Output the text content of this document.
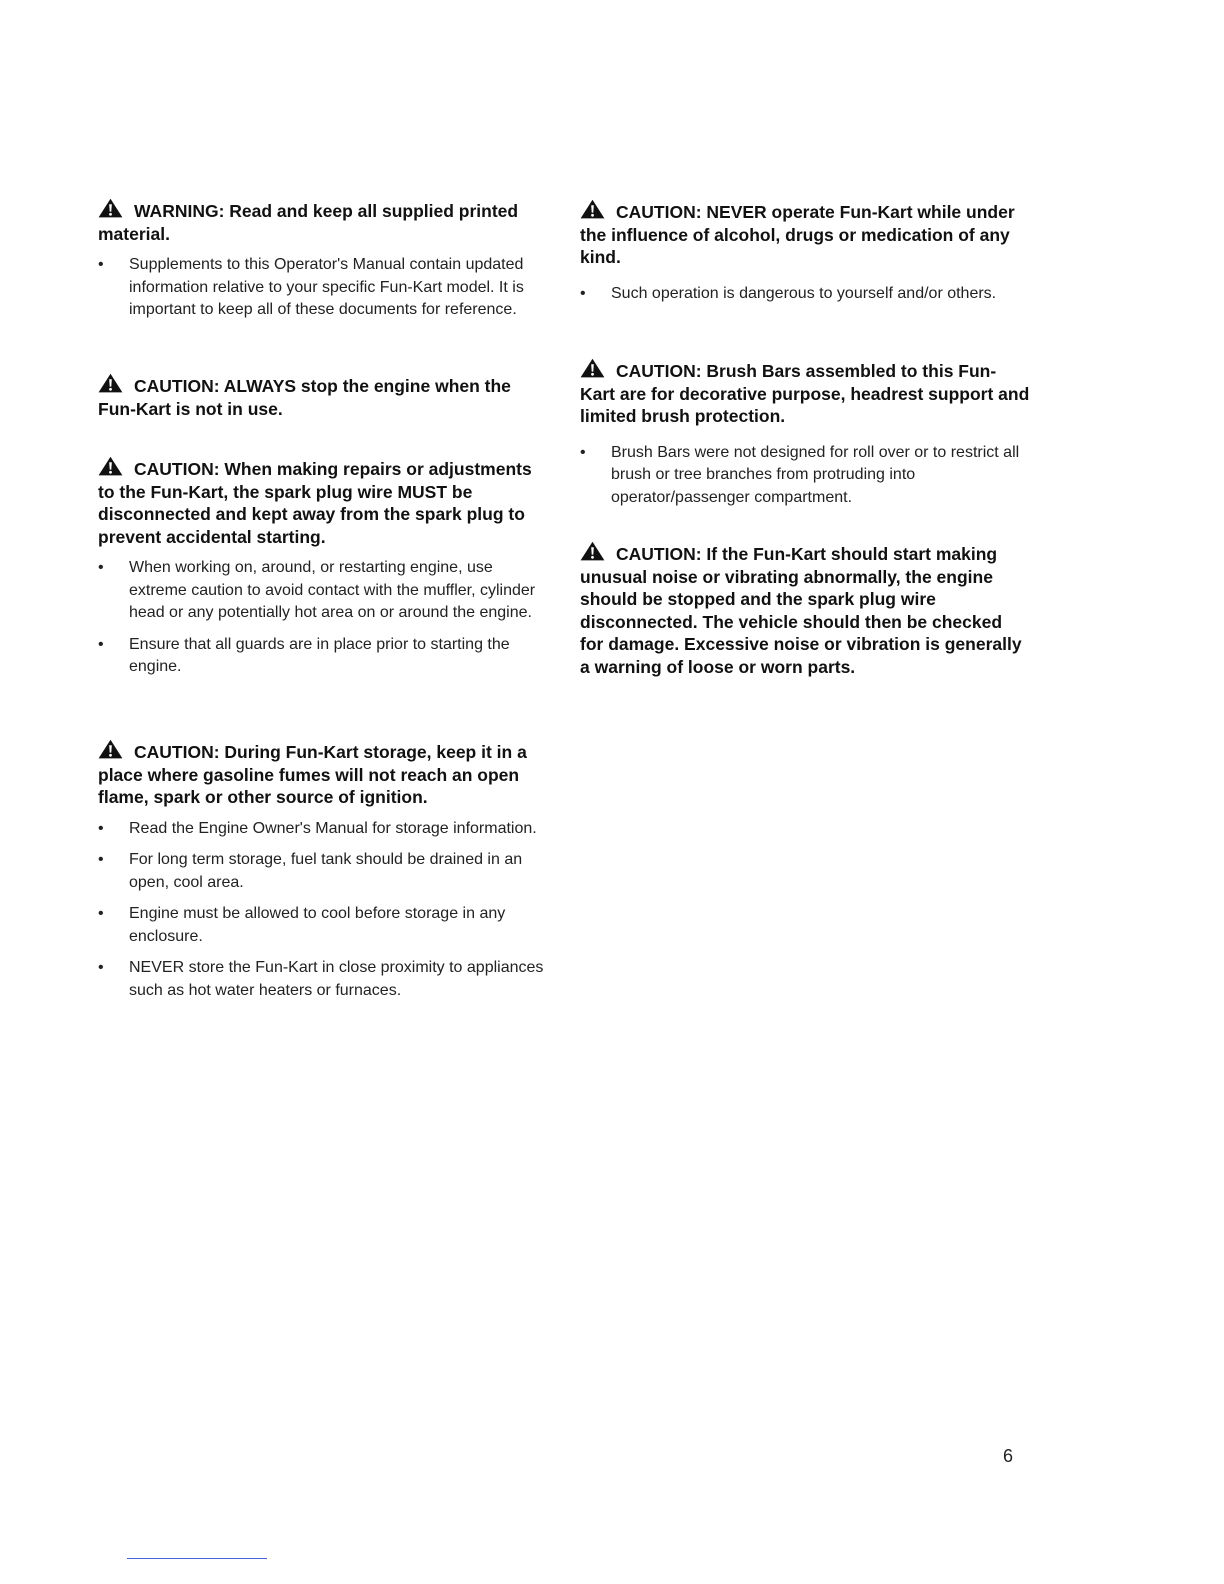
WARNING: Read and keep all supplied printed material.

• Supplements to this Operator's Manual contain updated information relative to your specific Fun-Kart model. It is important to keep all of these documents for reference.

CAUTION: ALWAYS stop the engine when the Fun-Kart is not in use.

CAUTION: When making repairs or adjustments to the Fun-Kart, the spark plug wire MUST be disconnected and kept away from the spark plug to prevent accidental starting.

• When working on, around, or restarting engine, use extreme caution to avoid contact with the muffler, cylinder head or any potentially hot area on or around the engine.
• Ensure that all guards are in place prior to starting the engine.

CAUTION: During Fun-Kart storage, keep it in a place where gasoline fumes will not reach an open flame, spark or other source of ignition.

• Read the Engine Owner's Manual for storage information.
• For long term storage, fuel tank should be drained in an open, cool area.
• Engine must be allowed to cool before storage in any enclosure.
• NEVER store the Fun-Kart in close proximity to appliances such as hot water heaters or furnaces.

CAUTION: NEVER operate Fun-Kart while under the influence of alcohol, drugs or medication of any kind.

• Such operation is dangerous to yourself and/or others.

CAUTION: Brush Bars assembled to this Fun-Kart are for decorative purpose, headrest support and limited brush protection.

• Brush Bars were not designed for roll over or to restrict all brush or tree branches from protruding into operator/passenger compartment.

CAUTION: If the Fun-Kart should start making unusual noise or vibrating abnormally, the engine should be stopped and the spark plug wire disconnected. The vehicle should then be checked for damage. Excessive noise or vibration is generally a warning of loose or worn parts.

6
